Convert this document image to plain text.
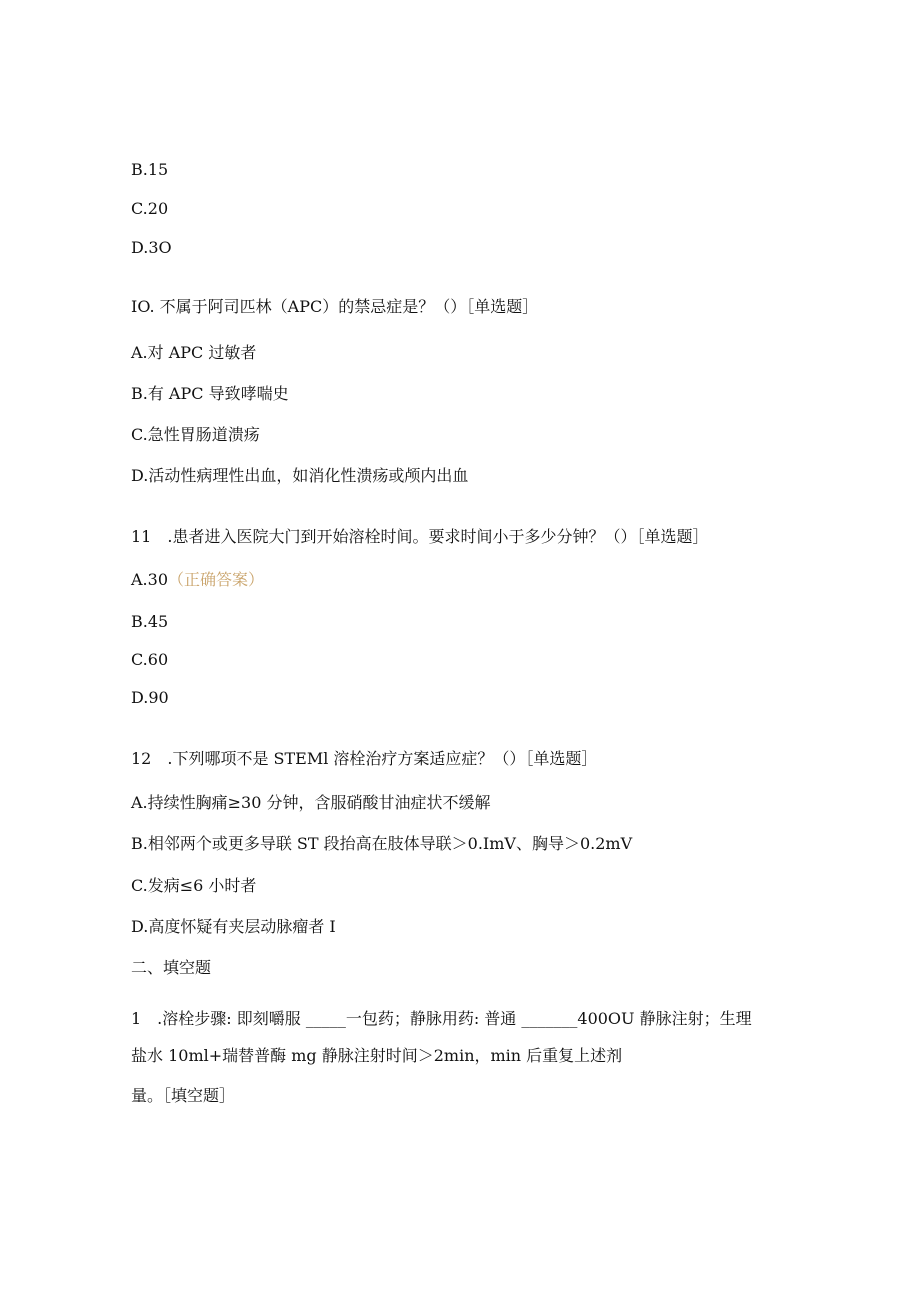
B.15
C.20
D.3O
IO. 不属于阿司匹林（APC）的禁忌症是？（）［单选题］
A.对 APC 过敏者
B.有 APC 导致哮喘史
C.急性胃肠道溃疡
D.活动性病理性出血，如消化性溃疡或颅内出血
11　.患者进入医院大门到开始溶栓时间。要求时间小于多少分钟？（）［单选题］
A.30（正确答案）
B.45
C.60
D.90
12　.下列哪项不是 STEMl 溶栓治疗方案适应症？（）［单选题］
A.持续性胸痛≥30 分钟，含服硝酸甘油症状不缓解
B.相邻两个或更多导联 ST 段抬高在肢体导联＞0.ImV、胸导＞0.2mV
C.发病≤6 小时者
D.高度怀疑有夹层动脉瘤者 I
二、填空题
1　.溶栓步骤: 即刻嚼服 _____一包药；静脉用药: 普通 _______400OU 静脉注射；生理
盐水 10ml+瑞替普酶 mg 静脉注射时间＞2min，min 后重复上述剂
量。［填空题］
